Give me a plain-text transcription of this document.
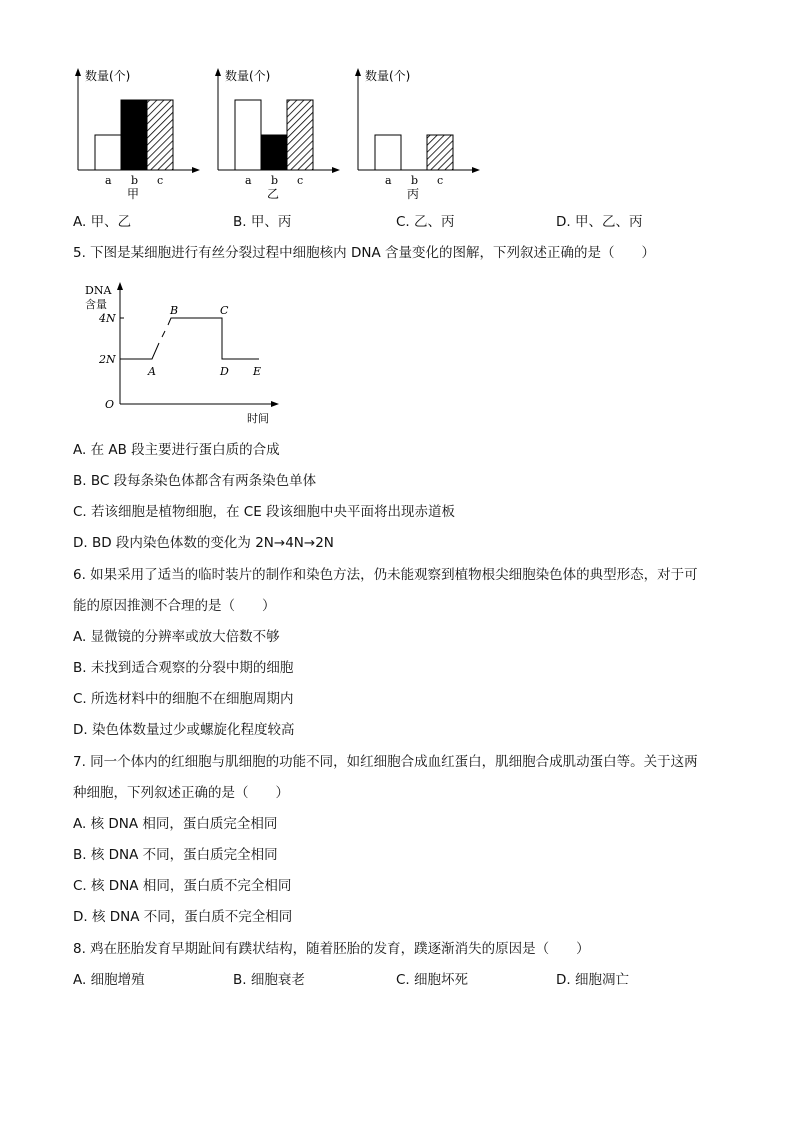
数量(个)
a b c
甲
数量(个)
a b c
乙
数量(个)
a b c
丙
A. 甲、乙	B. 甲、丙	C. 乙、丙	D. 甲、乙、丙
5. 下图是某细胞进行有丝分裂过程中细胞核内 DNA 含量变化的图解，下列叙述正确的是（　　）
DNA
含量
4N
2N
O
时间
A
B	C
D E
A. 在 AB 段主要进行蛋白质的合成
B. BC 段每条染色体都含有两条染色单体
C. 若该细胞是植物细胞，在 CE 段该细胞中央平面将出现赤道板
D. BD 段内染色体数的变化为 2N→4N→2N
6. 如果采用了适当的临时装片的制作和染色方法，仍未能观察到植物根尖细胞染色体的典型形态，对于可
能的原因推测不合理的是（　　）
A. 显微镜的分辨率或放大倍数不够
B. 未找到适合观察的分裂中期的细胞
C. 所选材料中的细胞不在细胞周期内
D. 染色体数量过少或螺旋化程度较高
7. 同一个体内的红细胞与肌细胞的功能不同，如红细胞合成血红蛋白，肌细胞合成肌动蛋白等。关于这两
种细胞，下列叙述正确的是（　　）
A. 核 DNA 相同，蛋白质完全相同
B. 核 DNA 不同，蛋白质完全相同
C. 核 DNA 相同，蛋白质不完全相同
D. 核 DNA 不同，蛋白质不完全相同
8. 鸡在胚胎发育早期趾间有蹼状结构，随着胚胎的发育，蹼逐渐消失的原因是（　　）
A. 细胞增殖	B. 细胞衰老	C. 细胞坏死	D. 细胞凋亡
